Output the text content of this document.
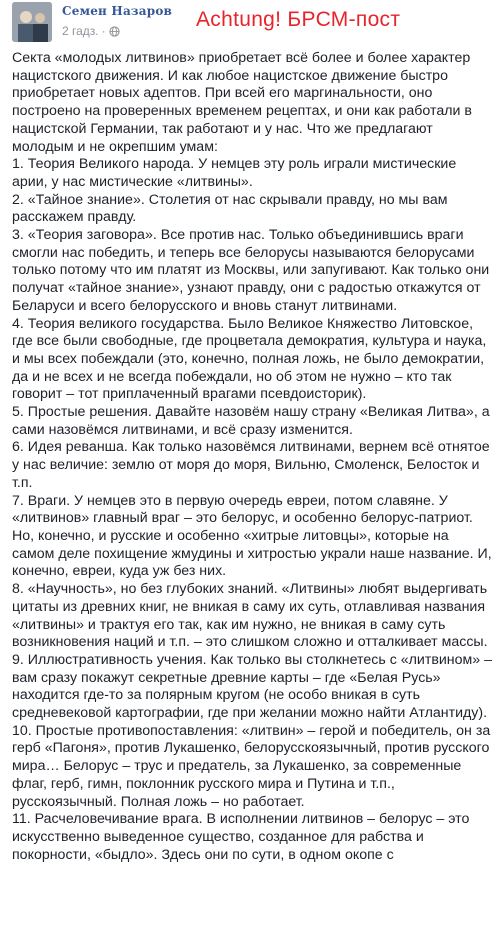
Семен Назаров
2 гадз. ·	Achtung! БРСМ-пост

Секта «молодых литвинов» приобретает всё более и более характер нацистского движения. И как любое нацистское движение быстро приобретает новых адептов. При всей его маргинальности, оно построено на проверенных временем рецептах, и они как работали в нацистской Германии, так работают и у нас. Что же предлагают молодым и не окрепшим умам:

1. Теория Великого народа. У немцев эту роль играли мистические арии, у нас мистические «литвины».

2. «Тайное знание». Столетия от нас скрывали правду, но мы вам расскажем правду.

3. «Теория заговора». Все против нас. Только объединившись враги смогли нас победить, и теперь все белорусы называются белорусами только потому что им платят из Москвы, или запугивают. Как только они получат «тайное знание», узнают правду, они с радостью откажутся от Беларуси и всего белорусского и вновь станут литвинами.

4. Теория великого государства. Было Великое Княжество Литовское, где все были свободные, где процветала демократия, культура и наука, и мы всех побеждали (это, конечно, полная ложь, не было демократии, да и не всех и не всегда побеждали, но об этом не нужно – кто так говорит – тот приплаченный врагами псевдоисторик).

5. Простые решения. Давайте назовём нашу страну «Великая Литва», а сами назовёмся литвинами, и всё сразу изменится.

6. Идея реванша. Как только назовёмся литвинами, вернем всё отнятое у нас величие: землю от моря до моря, Вильню, Смоленск, Белосток и т.п.

7. Враги. У немцев это в первую очередь евреи, потом славяне. У «литвинов» главный враг – это белорус, и особенно белорус-патриот. Но, конечно, и русские и особенно «хитрые литовцы», которые на самом деле похищение жмудины и хитростью украли наше название. И, конечно, евреи, куда уж без них.

8. «Научность», но без глубоких знаний. «Литвины» любят выдергивать цитаты из древних книг, не вникая в саму их суть, отлавливая названия «литвины» и трактуя его так, как им нужно, не вникая в саму суть возникновения наций и т.п. – это слишком сложно и отталкивает массы.

9. Иллюстративность учения. Как только вы столкнетесь с «литвином» – вам сразу покажут секретные древние карты – где «Белая Русь» находится где-то за полярным кругом (не особо вникая в суть средневековой картографии, где при желании можно найти Атлантиду).

10. Простые противопоставления: «литвин» – герой и победитель, он за герб «Пагоня», против Лукашенко, белорусскоязычный, против русского мира… Белорус – трус и предатель, за Лукашенко, за современные флаг, герб, гимн, поклонник русского мира и Путина и т.п., русскоязычный. Полная ложь – но работает.

11. Расчеловечивание врага. В исполнении литвинов – белорус – это искусственно выведенное существо, созданное для рабства и покорности, «быдло». Здесь они по сути, в одном окопе с
